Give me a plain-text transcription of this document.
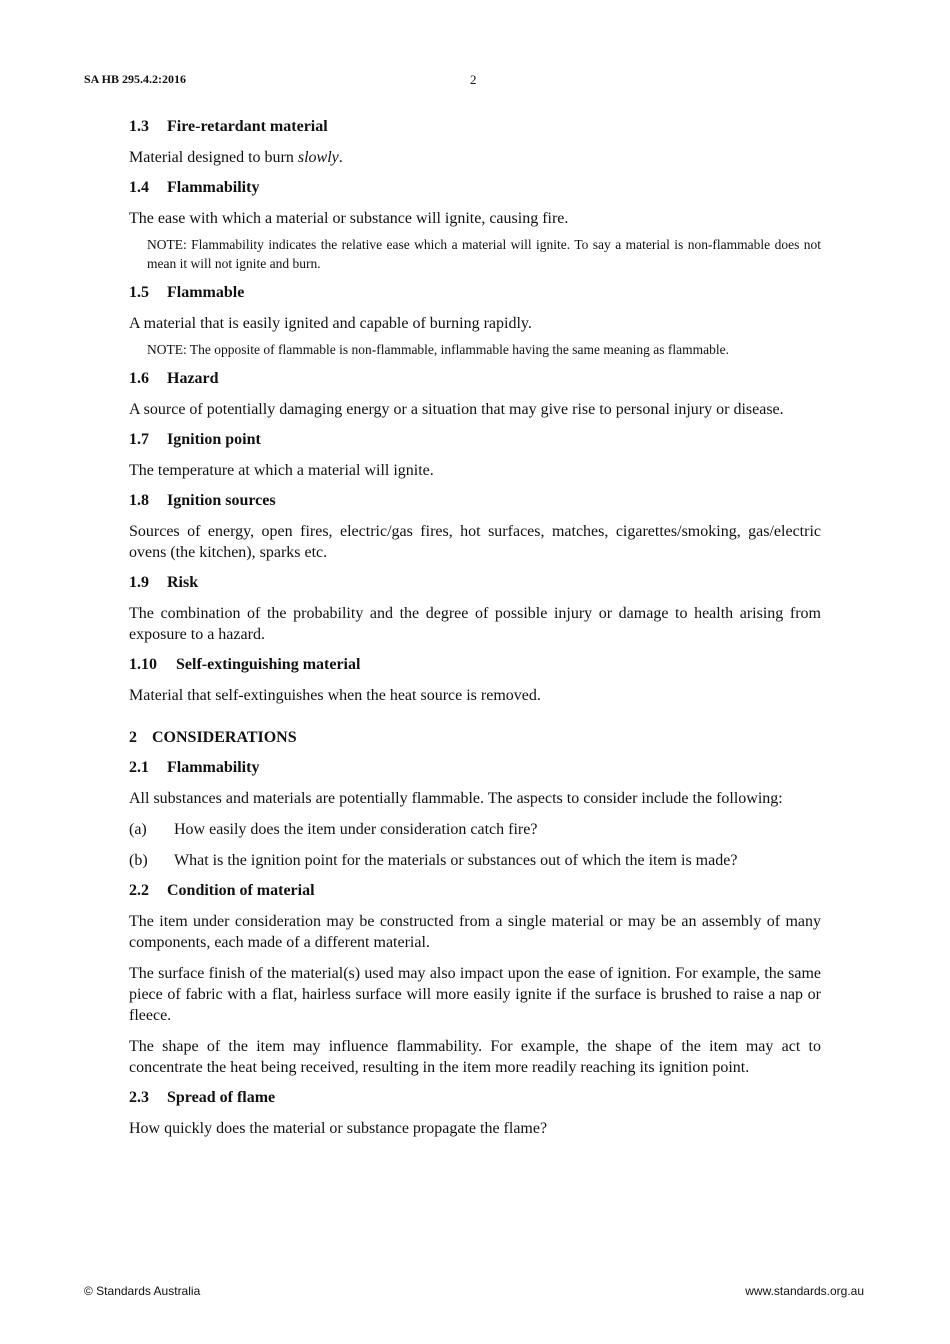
SA HB 295.4.2:2016	2
1.3 Fire-retardant material

Material designed to burn slowly.

1.4 Flammability

The ease with which a material or substance will ignite, causing fire.

NOTE: Flammability indicates the relative ease which a material will ignite. To say a material is non-flammable does not mean it will not ignite and burn.
1.5 Flammable

A material that is easily ignited and capable of burning rapidly.

NOTE: The opposite of flammable is non-flammable, inflammable having the same meaning as flammable.
1.6 Hazard

A source of potentially damaging energy or a situation that may give rise to personal injury or disease.

1.7 Ignition point

The temperature at which a material will ignite.

1.8 Ignition sources

Sources of energy, open fires, electric/gas fires, hot surfaces, matches, cigarettes/smoking, gas/electric ovens (the kitchen), sparks etc.

1.9 Risk

The combination of the probability and the degree of possible injury or damage to health arising from exposure to a hazard.

1.10 Self-extinguishing material

Material that self-extinguishes when the heat source is removed.

2 CONSIDERATIONS
2.1 Flammability

All substances and materials are potentially flammable. The aspects to consider include the following:

(a)	How easily does the item under consideration catch fire?
(b)	What is the ignition point for the materials or substances out of which the item is made?
2.2 Condition of material

The item under consideration may be constructed from a single material or may be an assembly of many components, each made of a different material.

The surface finish of the material(s) used may also impact upon the ease of ignition. For example, the same piece of fabric with a flat, hairless surface will more easily ignite if the surface is brushed to raise a nap or fleece.

The shape of the item may influence flammability. For example, the shape of the item may act to concentrate the heat being received, resulting in the item more readily reaching its ignition point.

2.3 Spread of flame

How quickly does the material or substance propagate the flame?

© Standards Australia	www.standards.org.au
